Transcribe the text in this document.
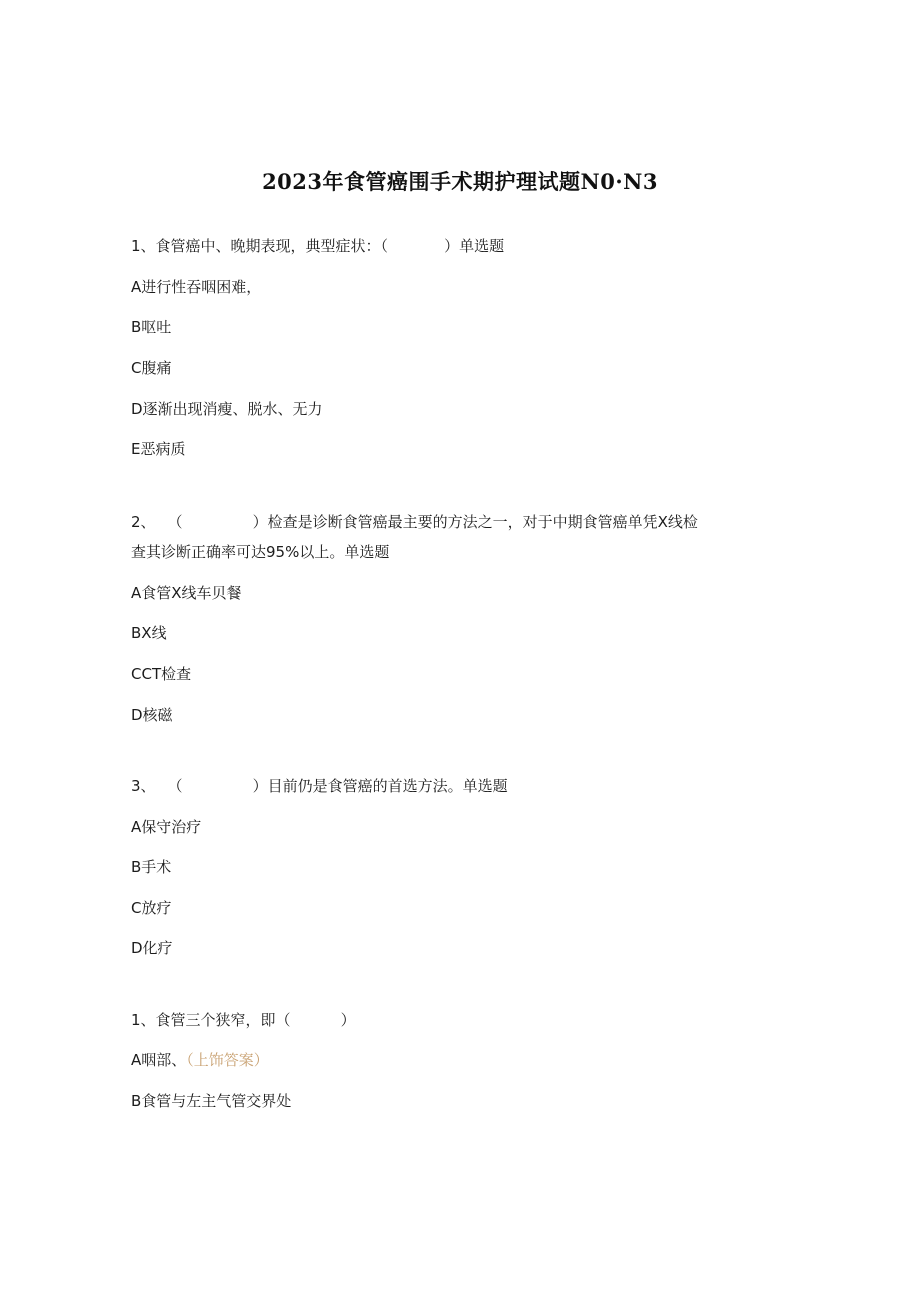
2023年食管癌围手术期护理试题N0·N3
1、食管癌中、晚期表现，典型症状：（	）单选题
A进行性吞咽困难，
B呕吐
C腹痛
D逐渐出现消瘦、脱水、无力
E恶病质
2、 （	）检查是诊断食管癌最主要的方法之一，对于中期食管癌单凭X线检
查其诊断正确率可达95%以上。单选题
A食管X线车贝餐
BX线
CCT检查
D核磁
3、 （	）目前仍是食管癌的首选方法。单选题
A保守治疗
B手术
C放疗
D化疗
1、食管三个狭窄，即（	）
A咽部、（上饰答案）
B食管与左主气管交界处
